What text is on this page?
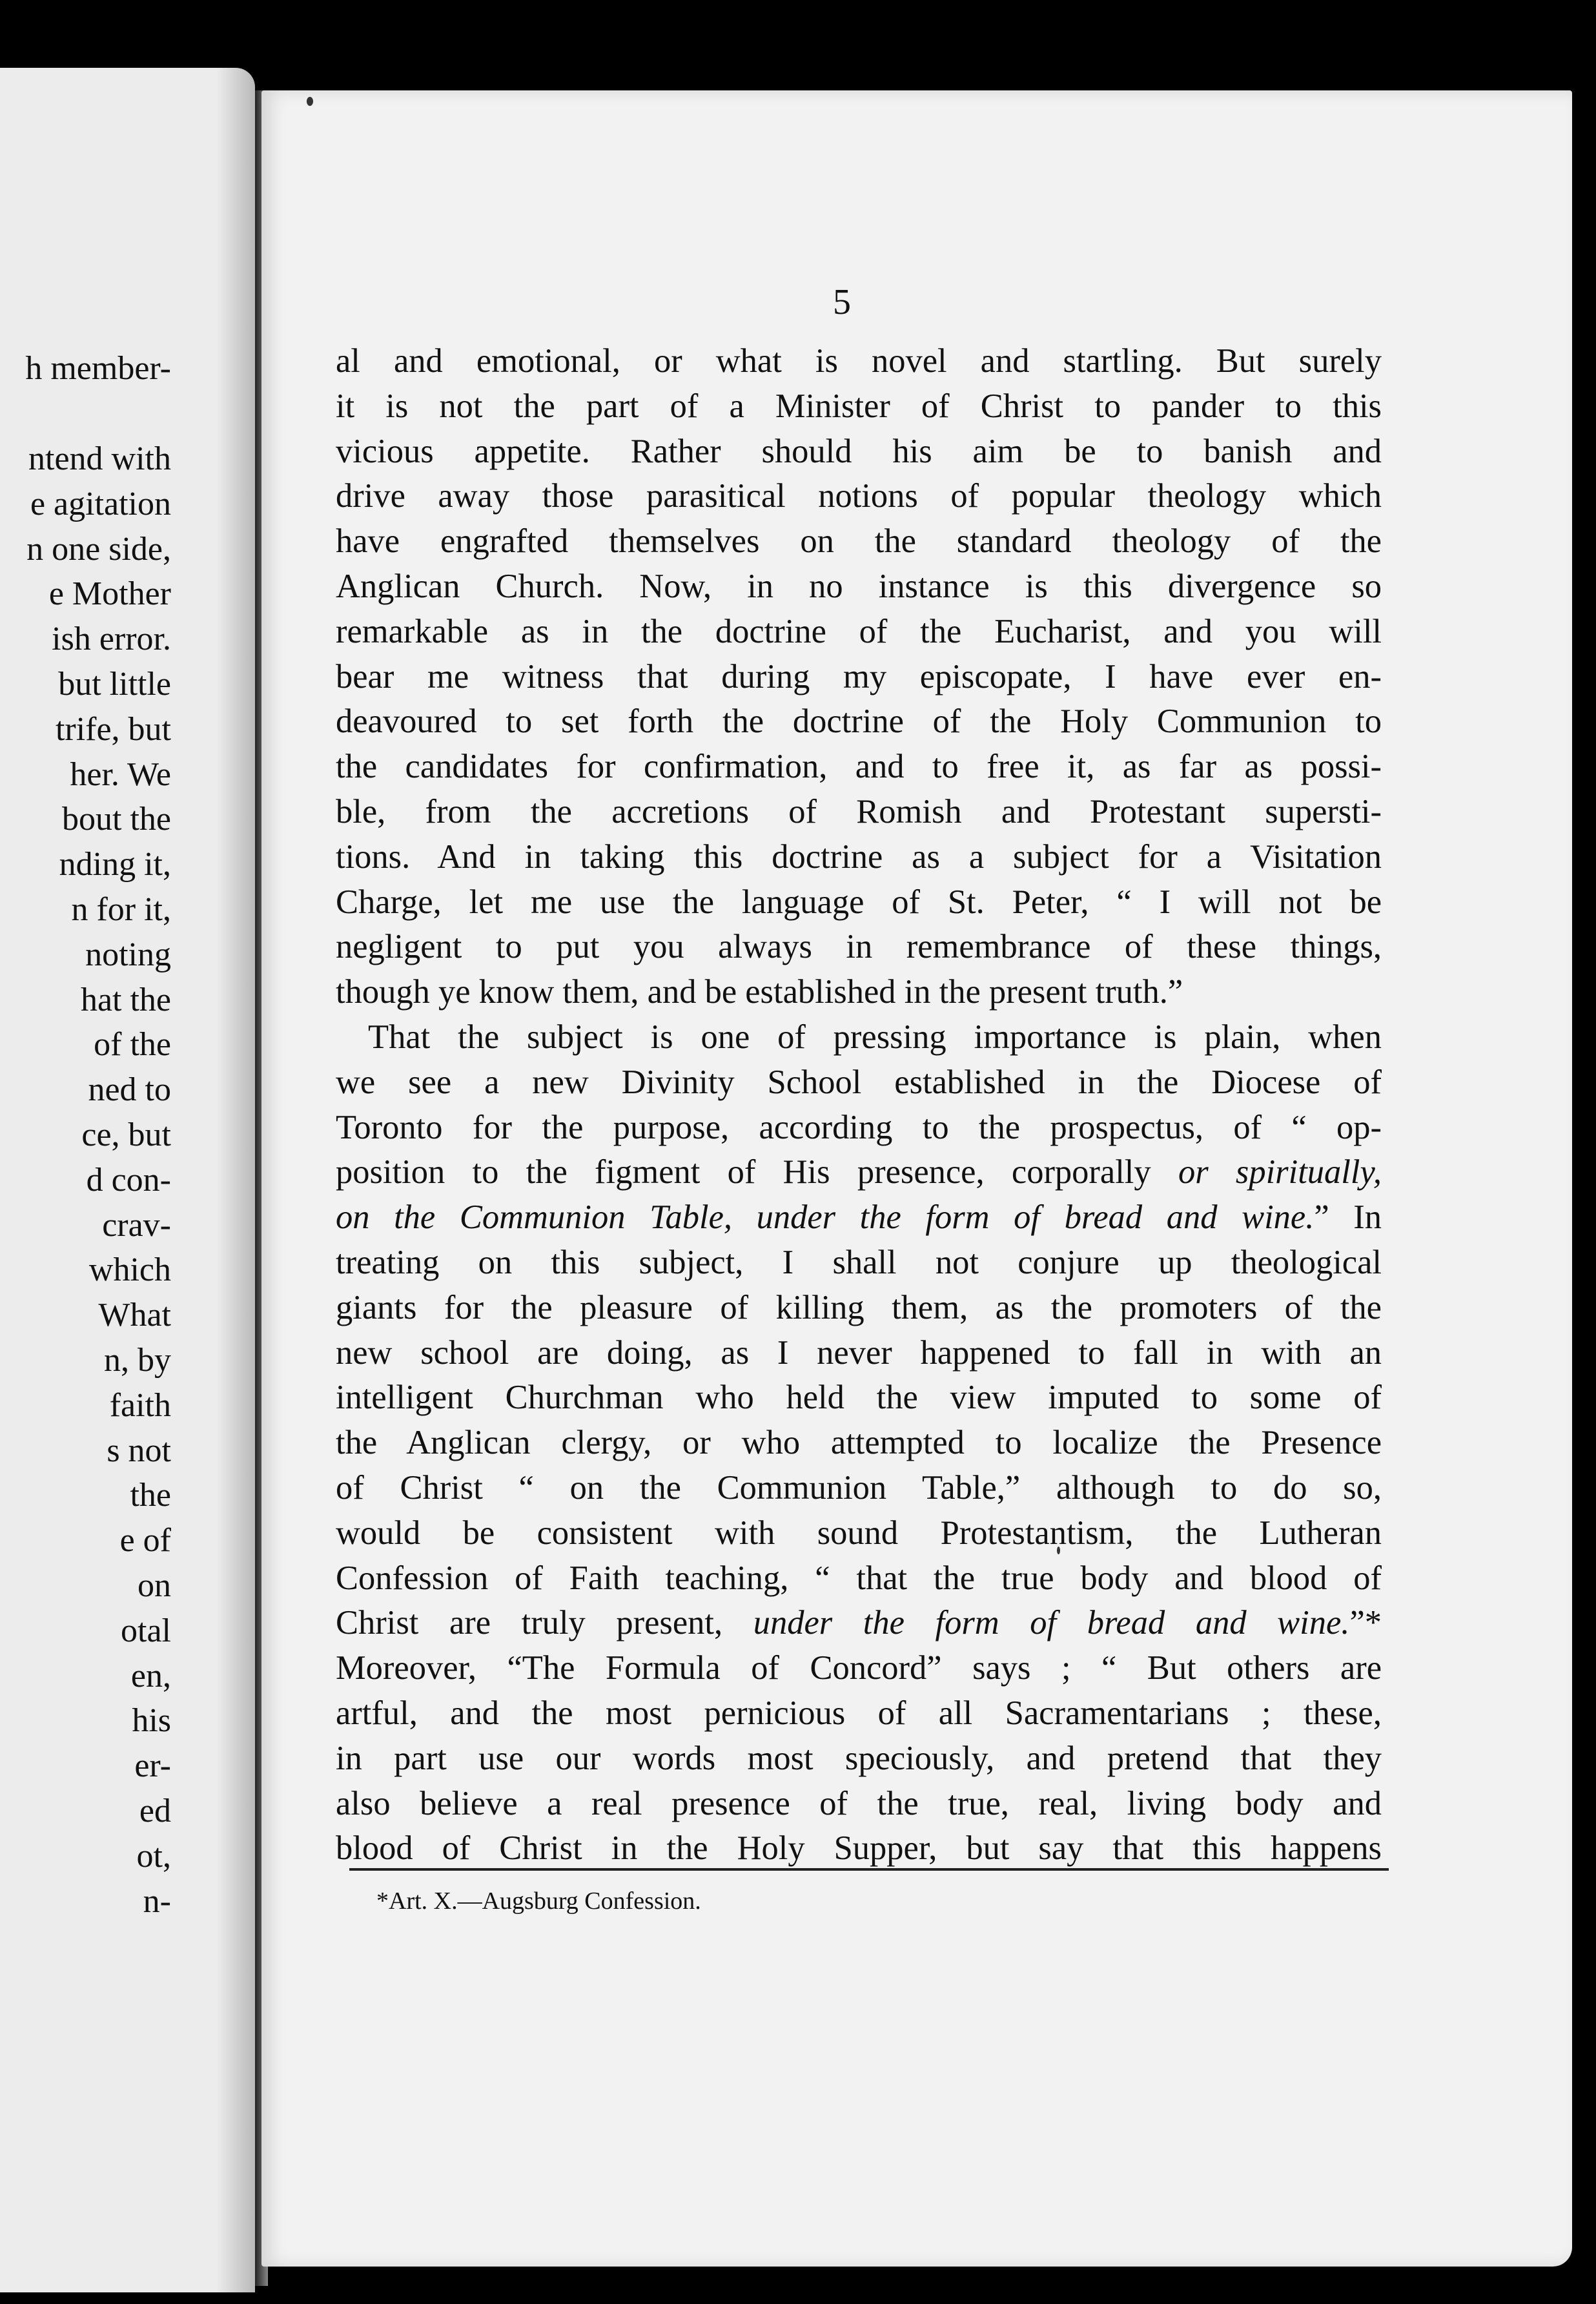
h member-
ntend with
e agitation
n one side,
e Mother
ish error.
but little
trife, but
her. We
bout the
nding it,
n for it,
noting
hat the
of the
ned to
ce, but
d con-
crav-
which
What
n, by
faith
s not
the
e of
on
otal
en,
his
er-
ed
ot,
n-
5
al and emotional, or what is novel and startling. But surely
it is not the part of a Minister of Christ to pander to this
vicious appetite. Rather should his aim be to banish and
drive away those parasitical notions of popular theology which
have engrafted themselves on the standard theology of the
Anglican Church. Now, in no instance is this divergence so
remarkable as in the doctrine of the Eucharist, and you will
bear me witness that during my episcopate, I have ever en-
deavoured to set forth the doctrine of the Holy Communion to
the candidates for confirmation, and to free it, as far as possi-
ble, from the accretions of Romish and Protestant supersti-
tions. And in taking this doctrine as a subject for a Visitation
Charge, let me use the language of St. Peter, “ I will not be
negligent to put you always in remembrance of these things,
though ye know them, and be established in the present truth.”
That the subject is one of pressing importance is plain, when
we see a new Divinity School established in the Diocese of
Toronto for the purpose, according to the prospectus, of “ op-
position to the figment of His presence, corporally or spiritually,
on the Communion Table, under the form of bread and wine.” In
treating on this subject, I shall not conjure up theological
giants for the pleasure of killing them, as the promoters of the
new school are doing, as I never happened to fall in with an
intelligent Churchman who held the view imputed to some of
the Anglican clergy, or who attempted to localize the Presence
of Christ “ on the Communion Table,” although to do so,
would be consistent with sound Protestantism, the Lutheran
Confession of Faith teaching, “ that the true body and blood of
Christ are truly present, under the form of bread and wine.”*
Moreover, “The Formula of Concord” says ; “ But others are
artful, and the most pernicious of all Sacramentarians ; these,
in part use our words most speciously, and pretend that they
also believe a real presence of the true, real, living body and
blood of Christ in the Holy Supper, but say that this happens
*Art. X.—Augsburg Confession.
